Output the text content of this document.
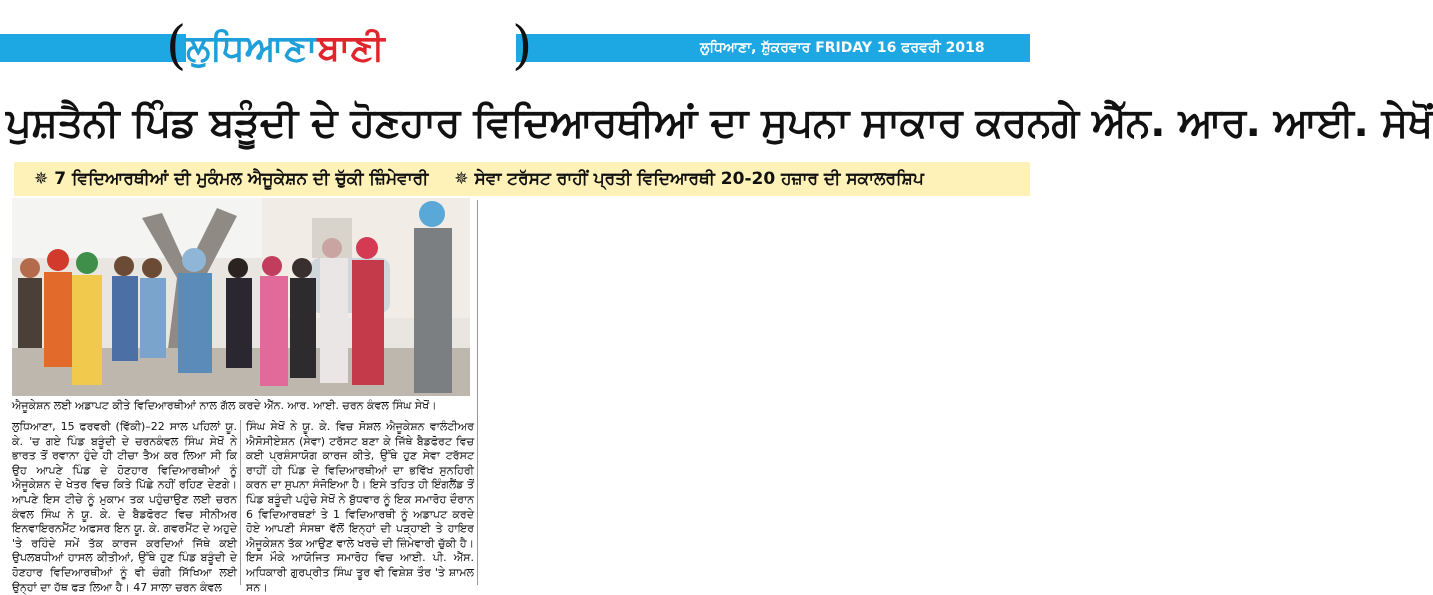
( ਲੁਧਿਆਣਾਬਾਣੀ	)	ਲੁਧਿਆਣਾ, ਸ਼ੁੱਕਰਵਾਰ FRIDAY 16 ਫਰਵਰੀ 2018
ਪੁਸ਼ਤੈਨੀ ਪਿੰਡ ਬੜੂੰਦੀ ਦੇ ਹੋਣਹਾਰ ਵਿਦਿਆਰਥੀਆਂ ਦਾ ਸੁਪਨਾ ਸਾਕਾਰ ਕਰਨਗੇ ਐੱਨ. ਆਰ. ਆਈ. ਸੇਖੋਂ
✵ 7 ਵਿਦਿਆਰਥੀਆਂ ਦੀ ਮੁਕੰਮਲ ਐਜੂਕੇਸ਼ਨ ਦੀ ਚੁੱਕੀ ਜ਼ਿੰਮੇਵਾਰੀ ✵ ਸੇਵਾ ਟਰੱਸਟ ਰਾਹੀਂ ਪ੍ਰਤੀ ਵਿਦਿਆਰਥੀ 20-20 ਹਜ਼ਾਰ ਦੀ ਸਕਾਲਰਸ਼ਿਪ
ਐਜੂਕੇਸ਼ਨ ਲਈ ਅਡਾਪਟ ਕੀਤੇ ਵਿਦਿਆਰਥੀਆਂ ਨਾਲ ਗੱਲ ਕਰਦੇ ਐੱਨ. ਆਰ. ਆਈ. ਚਰਨ ਕੰਵਲ ਸਿੰਘ ਸੇਖੋਂ।
ਲੁਧਿਆਣਾ, 15 ਫਰਵਰੀ (ਵਿੱਕੀ)–22 ਸਾਲ ਪਹਿਲਾਂ ਯੂ. ਕੇ. 'ਚ ਗਏ ਪਿੰਡ ਬੜੂੰਦੀ ਦੇ ਚਰਨਕੰਵਲ ਸਿੰਘ ਸੇਖੋਂ ਨੇ ਭਾਰਤ ਤੋਂ ਰਵਾਨਾ ਹੁੰਦੇ ਹੀ ਟੀਚਾ ਤੈਅ ਕਰ ਲਿਆ ਸੀ ਕਿ ਉਹ ਆਪਣੇ ਪਿੰਡ ਦੇ ਹੋਣਹਾਰ ਵਿਦਿਆਰਥੀਆਂ ਨੂੰ ਐਜੂਕੇਸ਼ਨ ਦੇ ਖੇਤਰ ਵਿਚ ਕਿਤੇ ਪਿੱਛੇ ਨਹੀਂ ਰਹਿਣ ਦੇਣਗੇ। ਆਪਣੇ ਇਸ ਟੀਚੇ ਨੂੰ ਮੁਕਾਮ ਤਕ ਪਹੁੰਚਾਉਣ ਲਈ ਚਰਨ ਕੰਵਲ ਸਿੰਘ ਨੇ ਯੂ. ਕੇ. ਦੇ ਬੈਡਫੋਰਟ ਵਿਚ ਸੀਨੀਅਰ ਇਨਵਾਇਰਨਮੈਂਟ ਅਫਸਰ ਇਨ ਯੂ. ਕੇ. ਗਵਰਮੈਂਟ ਦੇ ਅਹੁਦੇ 'ਤੇ ਰਹਿੰਦੇ ਸਮੇਂ ਤੱਕ ਕਾਰਜ ਕਰਦਿਆਂ ਜਿੱਥੇ ਕਈ ਉਪਲਬਧੀਆਂ ਹਾਸਲ ਕੀਤੀਆਂ, ਉੱਥੇ ਹੁਣ ਪਿੰਡ ਬੜੂੰਦੀ ਦੇ ਹੋਣਹਾਰ ਵਿਦਿਆਰਥੀਆਂ ਨੂੰ ਵੀ ਚੰਗੀ ਸਿੱਖਿਆ ਲਈ ਉਨ੍ਹਾਂ ਦਾ ਹੱਥ ਫੜ ਲਿਆ ਹੈ। 47 ਸਾਲਾ ਚਰਨ ਕੰਵਲ
ਸਿੰਘ ਸੇਖੋਂ ਨੇ ਯੂ. ਕੇ. ਵਿਚ ਸੋਸ਼ਲ ਐਜੂਕੇਸ਼ਨ ਵਾਲੰਟੀਅਰ ਐਸੋਸੀਏਸ਼ਨ (ਸੇਵਾ) ਟਰੱਸਟ ਬਣਾ ਕੇ ਜਿੱਥੇ ਬੈਡਫੋਰਟ ਵਿਚ ਕਈ ਪ੍ਰਸ਼ੰਸਾਯੋਗ ਕਾਰਜ ਕੀਤੇ, ਉੱਥੇ ਹੁਣ ਸੇਵਾ ਟਰੱਸਟ ਰਾਹੀਂ ਹੀ ਪਿੰਡ ਦੇ ਵਿਦਿਆਰਥੀਆਂ ਦਾ ਭਵਿੱਖ ਸੁਨਹਿਰੀ ਕਰਨ ਦਾ ਸੁਪਨਾ ਸੰਜੋਇਆ ਹੈ। ਇਸੇ ਤਹਿਤ ਹੀ ਇੰਗਲੈਂਡ ਤੋਂ ਪਿੰਡ ਬੜੂੰਦੀ ਪਹੁੰਚੇ ਸੇਖੋਂ ਨੇ ਬੁੱਧਵਾਰ ਨੂੰ ਇਕ ਸਮਾਰੋਹ ਦੌਰਾਨ 6 ਵਿਦਿਆਰਥਣਾਂ ਤੇ 1 ਵਿਦਿਆਰਥੀ ਨੂੰ ਅਡਾਪਟ ਕਰਦੇ ਹੋਏ ਆਪਣੀ ਸੰਸਥਾ ਵੱਲੋਂ ਇਨ੍ਹਾਂ ਦੀ ਪੜ੍ਹਾਈ ਤੇ ਹਾਇਰ ਐਜੂਕੇਸ਼ਨ ਤੱਕ ਆਉਣ ਵਾਲੇ ਖਰਚੇ ਦੀ ਜ਼ਿੰਮੇਵਾਰੀ ਚੁੱਕੀ ਹੈ। ਇਸ ਮੌਕੇ ਆਯੋਜਿਤ ਸਮਾਰੋਹ ਵਿਚ ਆਈ. ਪੀ. ਐੱਸ. ਅਧਿਕਾਰੀ ਗੁਰਪ੍ਰੀਤ ਸਿੰਘ ਤੂਰ ਵੀ ਵਿਸ਼ੇਸ਼ ਤੌਰ 'ਤੇ ਸ਼ਾਮਲ ਸਨ।
